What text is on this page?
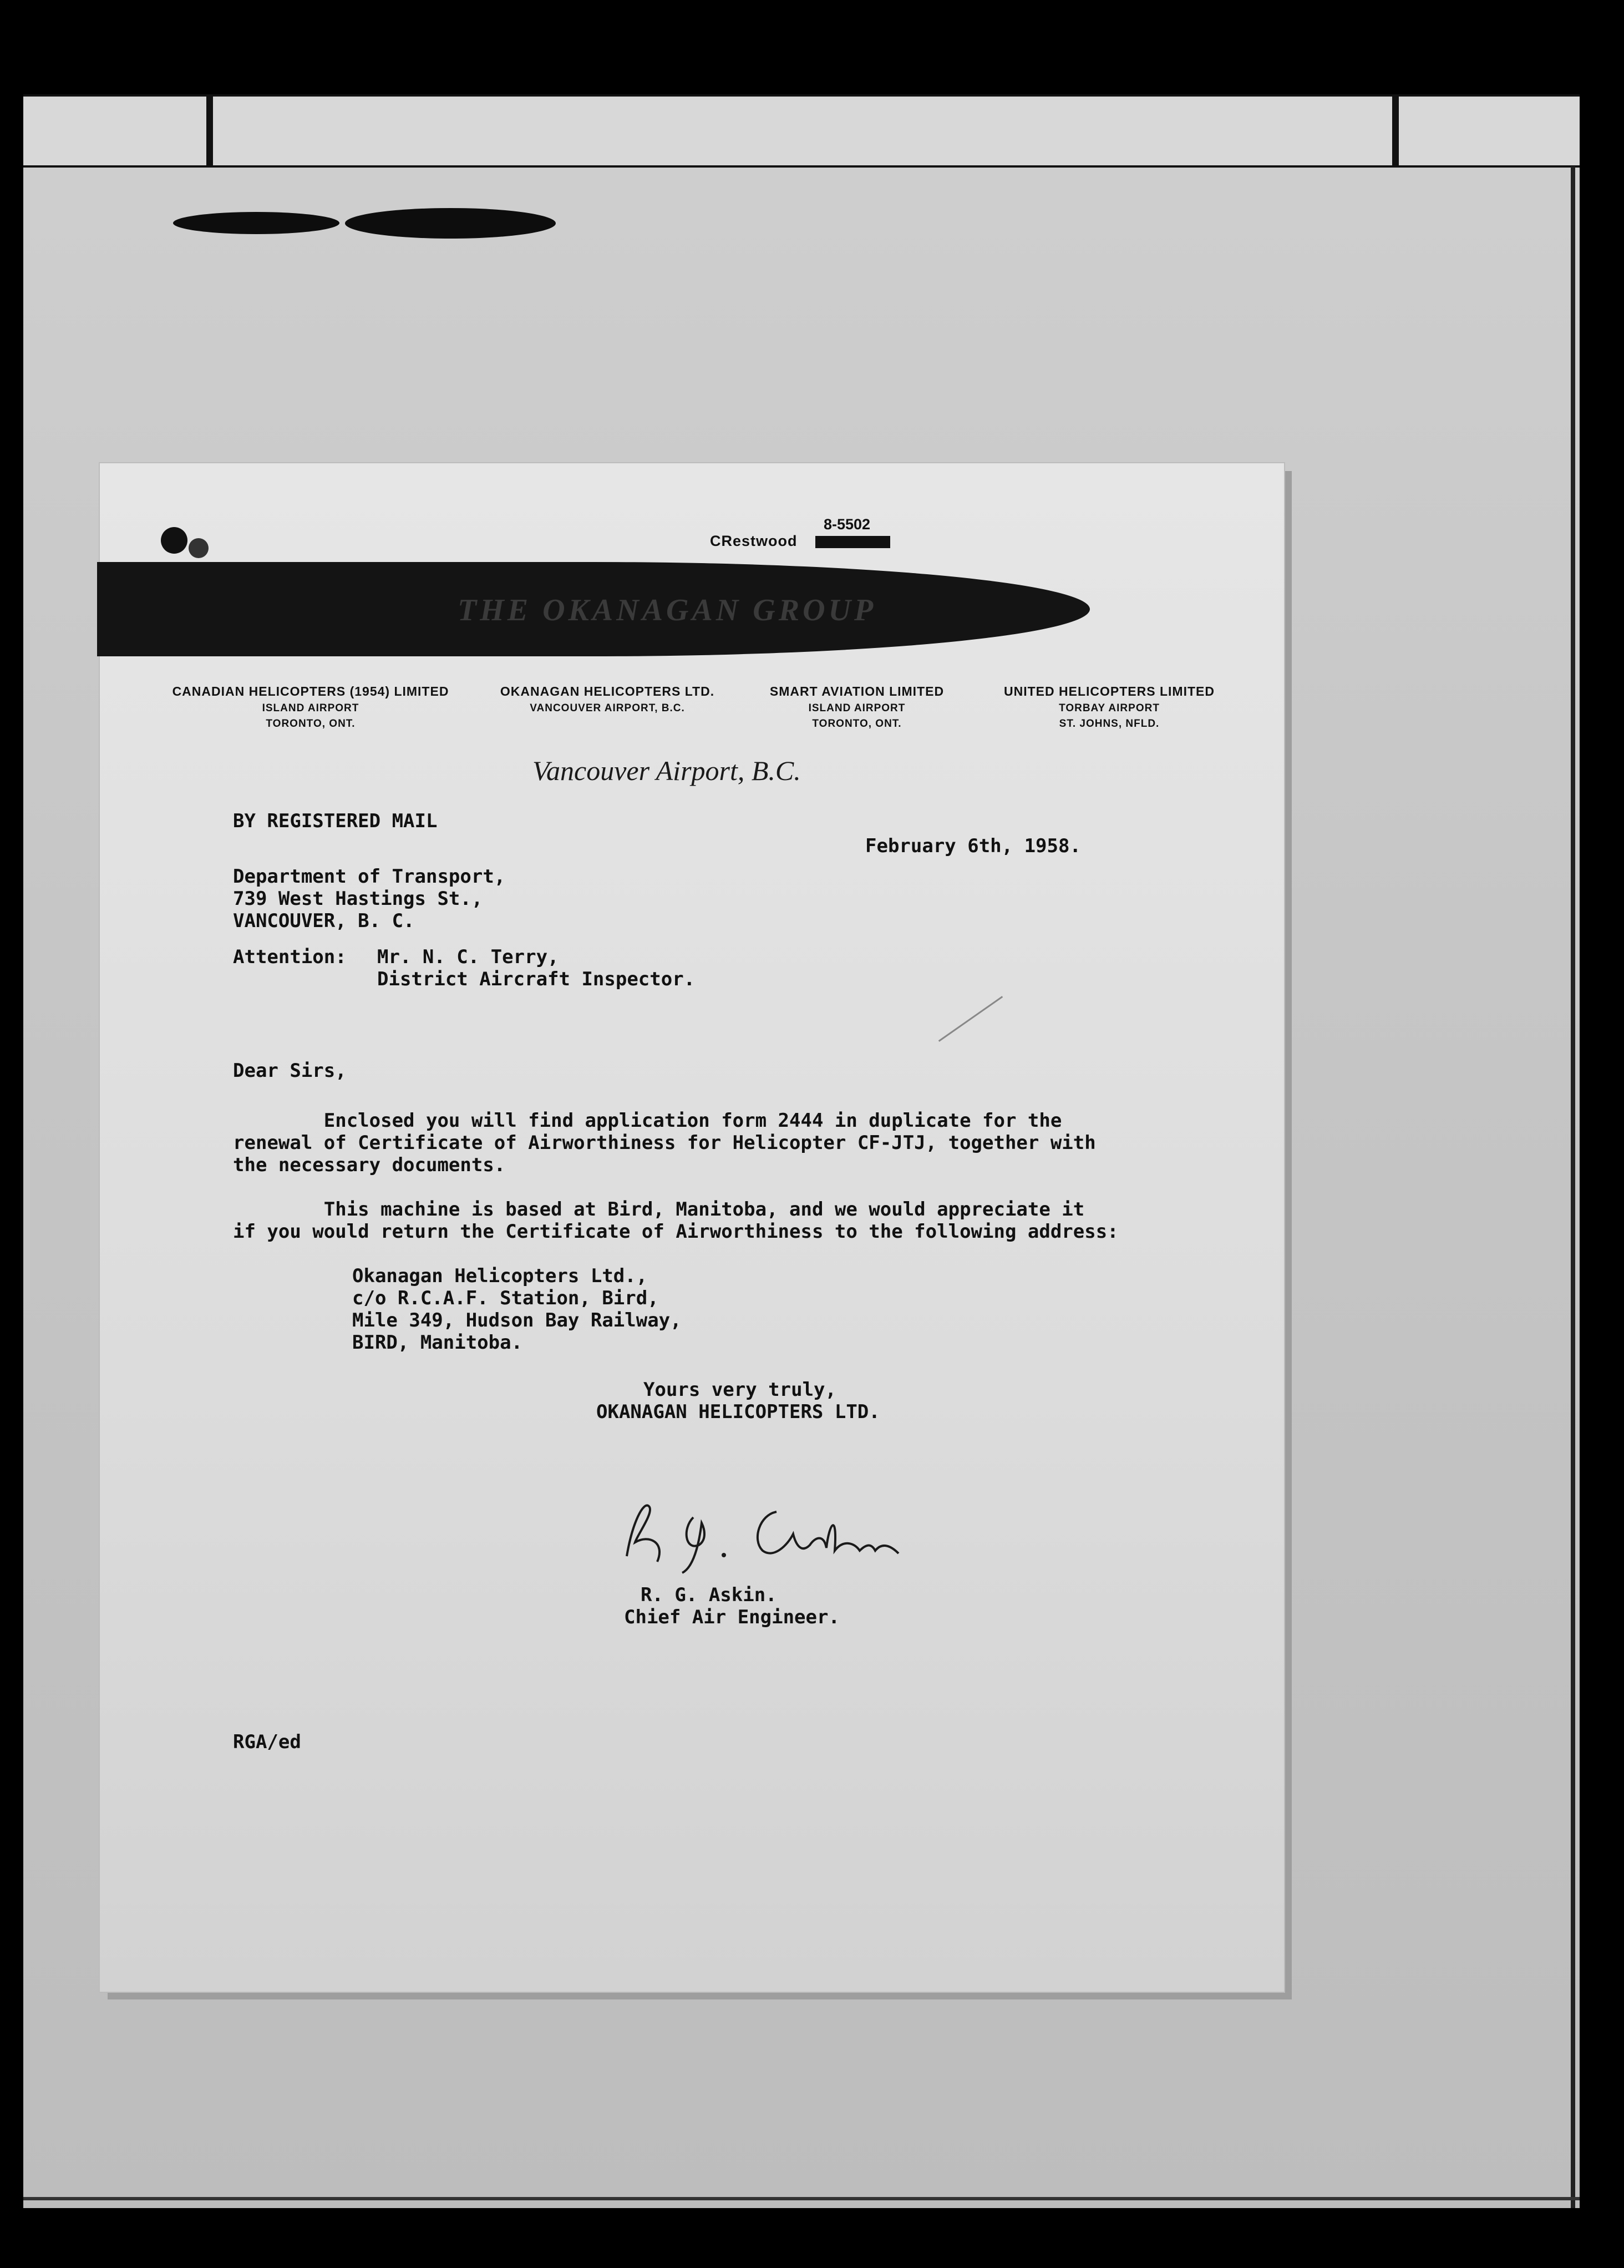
8-5502
CRestwood
THE OKANAGAN GROUP
CANADIAN HELICOPTERS (1954) LIMITED
ISLAND AIRPORT
TORONTO, ONT.
OKANAGAN HELICOPTERS LTD.
VANCOUVER AIRPORT, B.C.
SMART AVIATION LIMITED
ISLAND AIRPORT
TORONTO, ONT.
UNITED HELICOPTERS LIMITED
TORBAY AIRPORT
ST. JOHNS, NFLD.
Vancouver Airport, B.C.
BY REGISTERED MAIL
February 6th, 1958.
Department of Transport,
739 West Hastings St.,
VANCOUVER, B. C.
Attention: Mr. N. C. Terry,
District Aircraft Inspector.
Dear Sirs,
Enclosed you will find application form 2444 in duplicate for the
renewal of Certificate of Airworthiness for Helicopter CF-JTJ, together with
the necessary documents.
This machine is based at Bird, Manitoba, and we would appreciate it
if you would return the Certificate of Airworthiness to the following address:
Okanagan Helicopters Ltd.,
c/o R.C.A.F. Station, Bird,
Mile 349, Hudson Bay Railway,
BIRD, Manitoba.
Yours very truly,
OKANAGAN HELICOPTERS LTD.
R. G. Askin.
Chief Air Engineer.
RGA/ed
